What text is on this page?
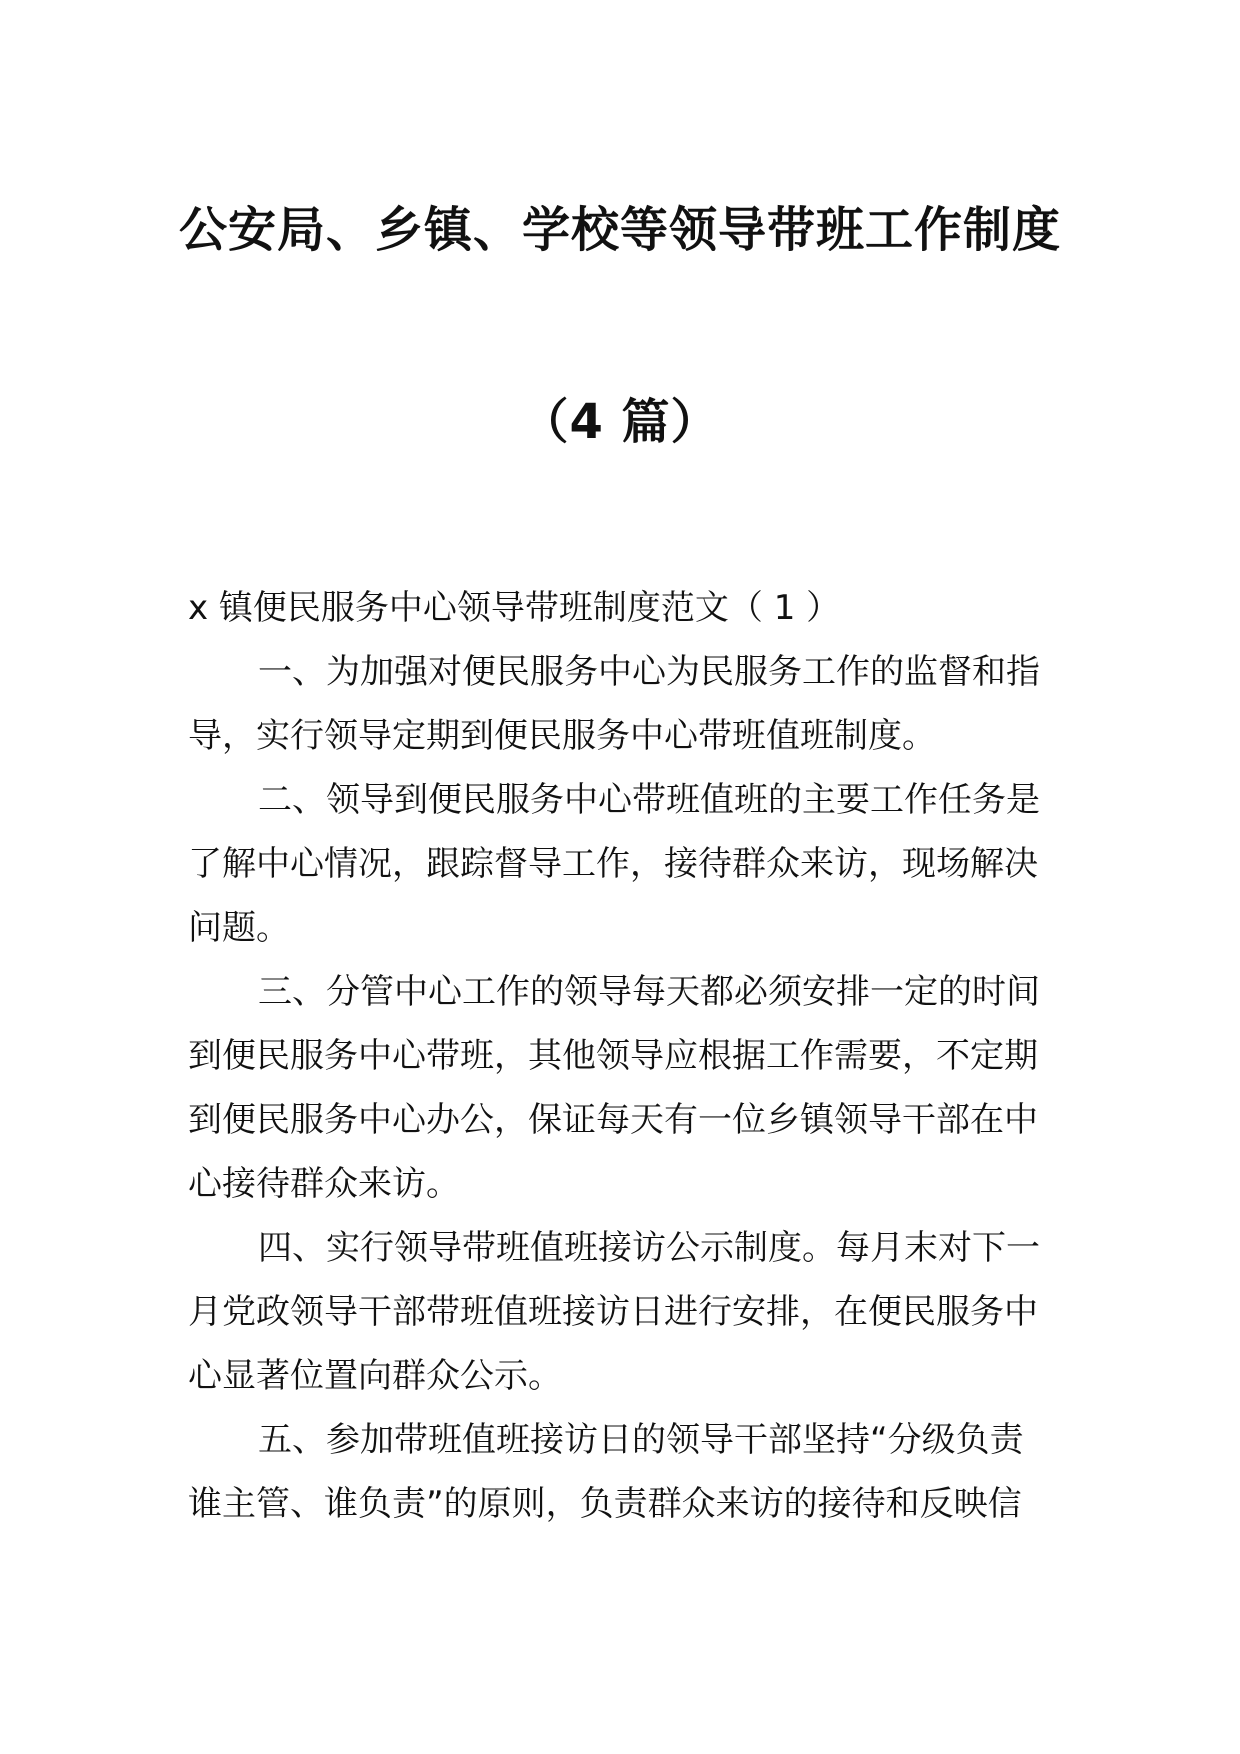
公安局、乡镇、学校等领导带班工作制度
（4 篇）
x 镇便民服务中心领导带班制度范文（ 1 ）
一、为加强对便民服务中心为民服务工作的监督和指
导，实行领导定期到便民服务中心带班值班制度。
二、领导到便民服务中心带班值班的主要工作任务是
了解中心情况，跟踪督导工作，接待群众来访，现场解决
问题。
三、分管中心工作的领导每天都必须安排一定的时间
到便民服务中心带班，其他领导应根据工作需要，不定期
到便民服务中心办公，保证每天有一位乡镇领导干部在中
心接待群众来访。
四、实行领导带班值班接访公示制度。每月末对下一
月党政领导干部带班值班接访日进行安排，在便民服务中
心显著位置向群众公示。
五、参加带班值班接访日的领导干部坚持“分级负责
谁主管、谁负责”的原则，负责群众来访的接待和反映信
